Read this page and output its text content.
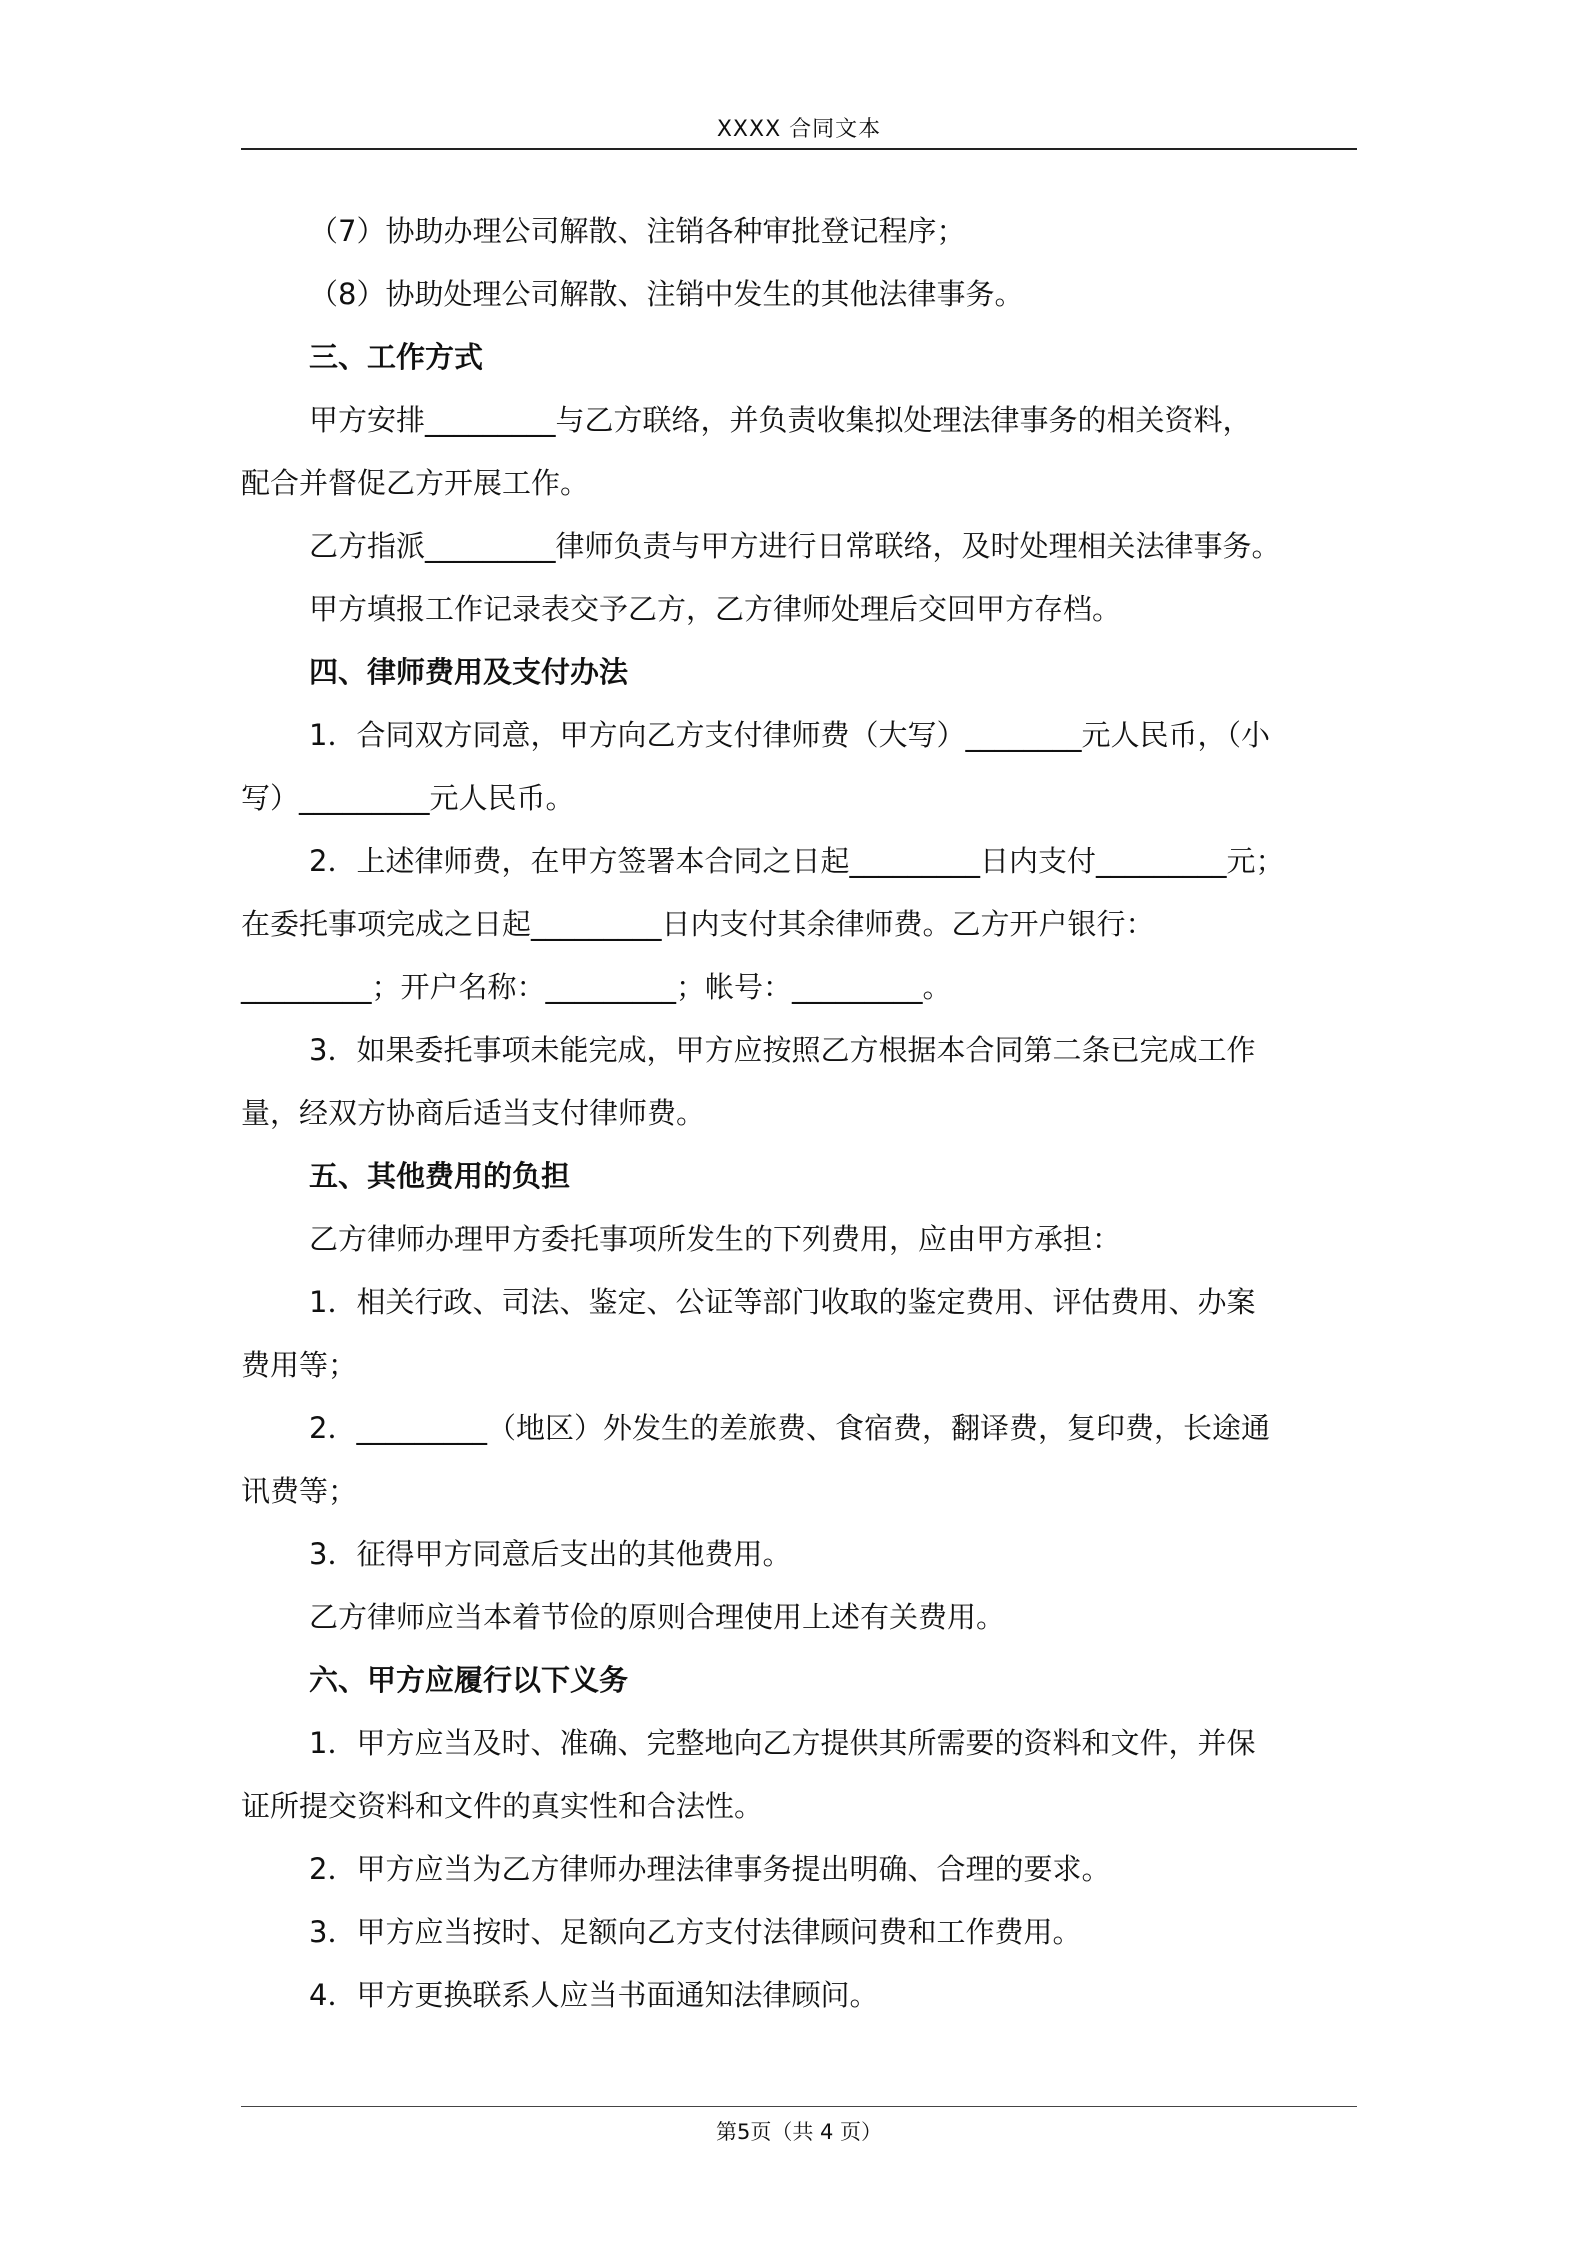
XXXX 合同文本

（7）协助办理公司解散、注销各种审批登记程序；

（8）协助处理公司解散、注销中发生的其他法律事务。

三、工作方式

甲方安排_________与乙方联络，并负责收集拟处理法律事务的相关资料，

配合并督促乙方开展工作。

乙方指派_________律师负责与甲方进行日常联络，及时处理相关法律事务。

甲方填报工作记录表交予乙方，乙方律师处理后交回甲方存档。

四、律师费用及支付办法

1．合同双方同意，甲方向乙方支付律师费（大写）________元人民币，（小

写）_________元人民币。

2．上述律师费，在甲方签署本合同之日起_________日内支付_________元；

在委托事项完成之日起_________日内支付其余律师费。乙方开户银行：

_________；开户名称：_________；帐号：_________。

3．如果委托事项未能完成，甲方应按照乙方根据本合同第二条已完成工作

量，经双方协商后适当支付律师费。

五、其他费用的负担

乙方律师办理甲方委托事项所发生的下列费用，应由甲方承担：

1．相关行政、司法、鉴定、公证等部门收取的鉴定费用、评估费用、办案

费用等；

2．_________（地区）外发生的差旅费、食宿费，翻译费，复印费，长途通

讯费等；

3．征得甲方同意后支出的其他费用。

乙方律师应当本着节俭的原则合理使用上述有关费用。

六、甲方应履行以下义务

1．甲方应当及时、准确、完整地向乙方提供其所需要的资料和文件，并保

证所提交资料和文件的真实性和合法性。

2．甲方应当为乙方律师办理法律事务提出明确、合理的要求。

3．甲方应当按时、足额向乙方支付法律顾问费和工作费用。

4．甲方更换联系人应当书面通知法律顾问。

第5页（共 4 页）
